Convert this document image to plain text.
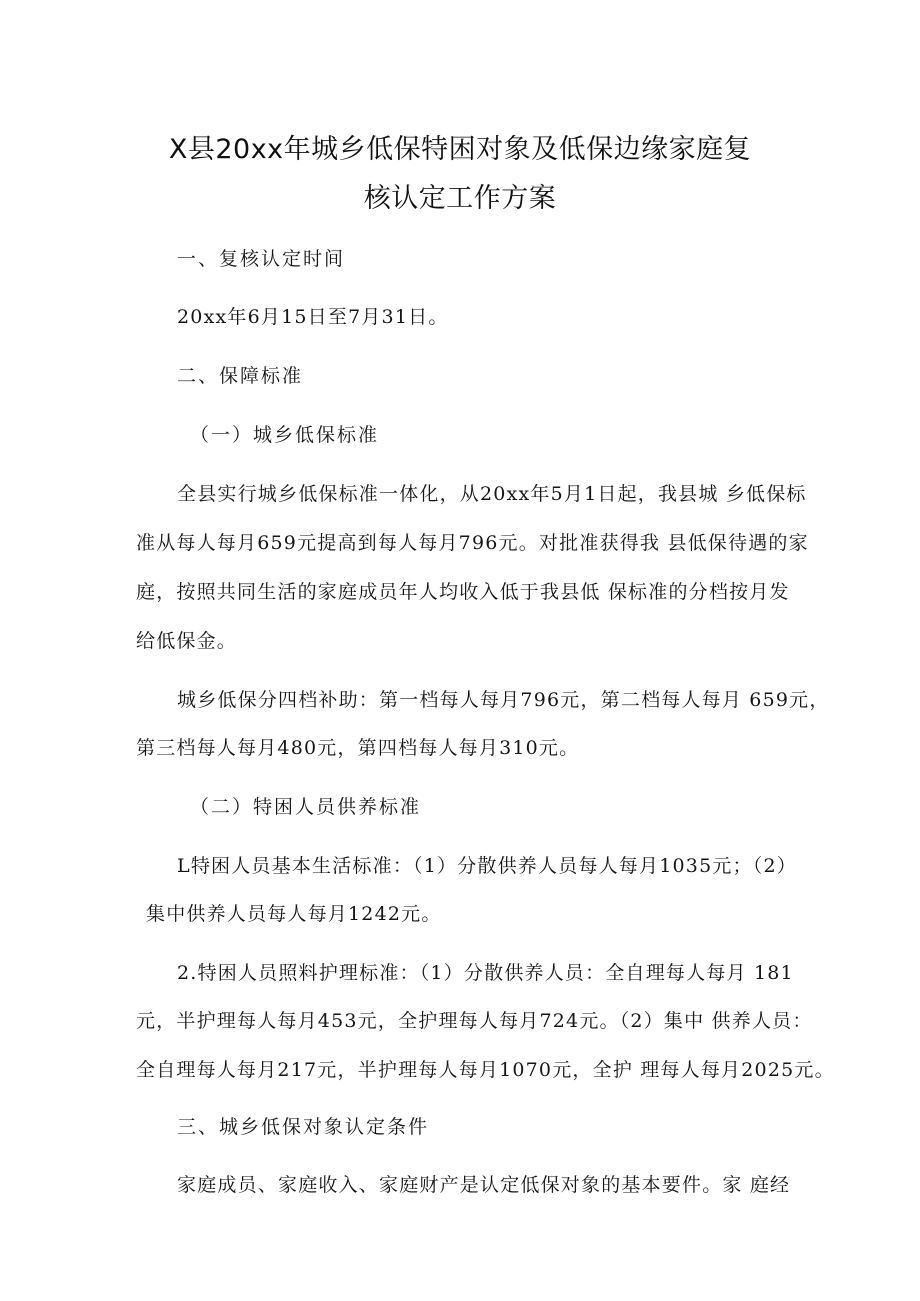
X县20xx年城乡低保特困对象及低保边缘家庭复
核认定工作方案

一、复核认定时间

20xx年6月15日至7月31日。

二、保障标准

（一）城乡低保标准

全县实行城乡低保标准一体化，从20xx年5月1日起，我县城 乡低保标

准从每人每月659元提高到每人每月796元。对批准获得我 县低保待遇的家

庭，按照共同生活的家庭成员年人均收入低于我县低 保标准的分档按月发

给低保金。

城乡低保分四档补助：第一档每人每月796元，第二档每人每月 659元，

第三档每人每月480元，第四档每人每月310元。

（二）特困人员供养标准

L特困人员基本生活标准：（1）分散供养人员每人每月1035元；（2）

集中供养人员每人每月1242元。

2.特困人员照料护理标准：（1）分散供养人员：全自理每人每月 181

元，半护理每人每月453元，全护理每人每月724元。（2）集中 供养人员：

全自理每人每月217元，半护理每人每月1070元，全护 理每人每月2025元。

三、城乡低保对象认定条件

家庭成员、家庭收入、家庭财产是认定低保对象的基本要件。家 庭经
